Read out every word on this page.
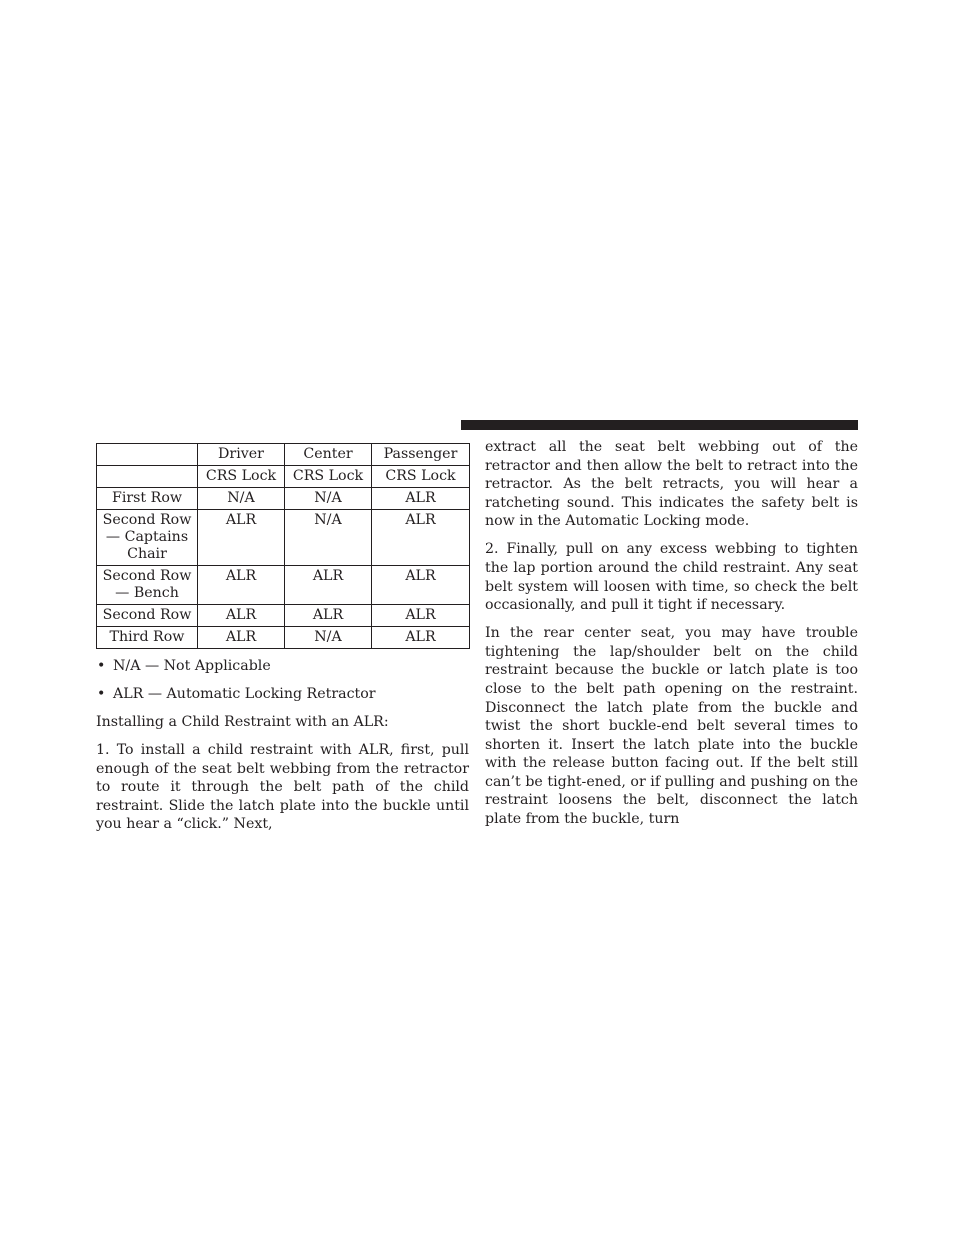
	Driver	Center	Passenger
	CRS Lock	CRS Lock	CRS Lock
First Row	N/A	N/A	ALR
Second Row — Captains Chair	ALR	N/A	ALR
Second Row — Bench	ALR	ALR	ALR
Second Row	ALR	ALR	ALR
Third Row	ALR	N/A	ALR
• N/A — Not Applicable
• ALR — Automatic Locking Retractor

Installing a Child Restraint with an ALR:

1. To install a child restraint with ALR, first, pull enough of the seat belt webbing from the retractor to route it through the belt path of the child restraint. Slide the latch plate into the buckle until you hear a “click.” Next,

extract all the seat belt webbing out of the retractor and then allow the belt to retract into the retractor. As the belt retracts, you will hear a ratcheting sound. This indicates the safety belt is now in the Automatic Locking mode.

2. Finally, pull on any excess webbing to tighten the lap portion around the child restraint. Any seat belt system will loosen with time, so check the belt occasionally, and pull it tight if necessary.

In the rear center seat, you may have trouble tightening the lap/shoulder belt on the child restraint because the buckle or latch plate is too close to the belt path opening on the restraint. Disconnect the latch plate from the buckle and twist the short buckle-end belt several times to shorten it. Insert the latch plate into the buckle with the release button facing out. If the belt still can’t be tight-ened, or if pulling and pushing on the restraint loosens the belt, disconnect the latch plate from the buckle, turn
